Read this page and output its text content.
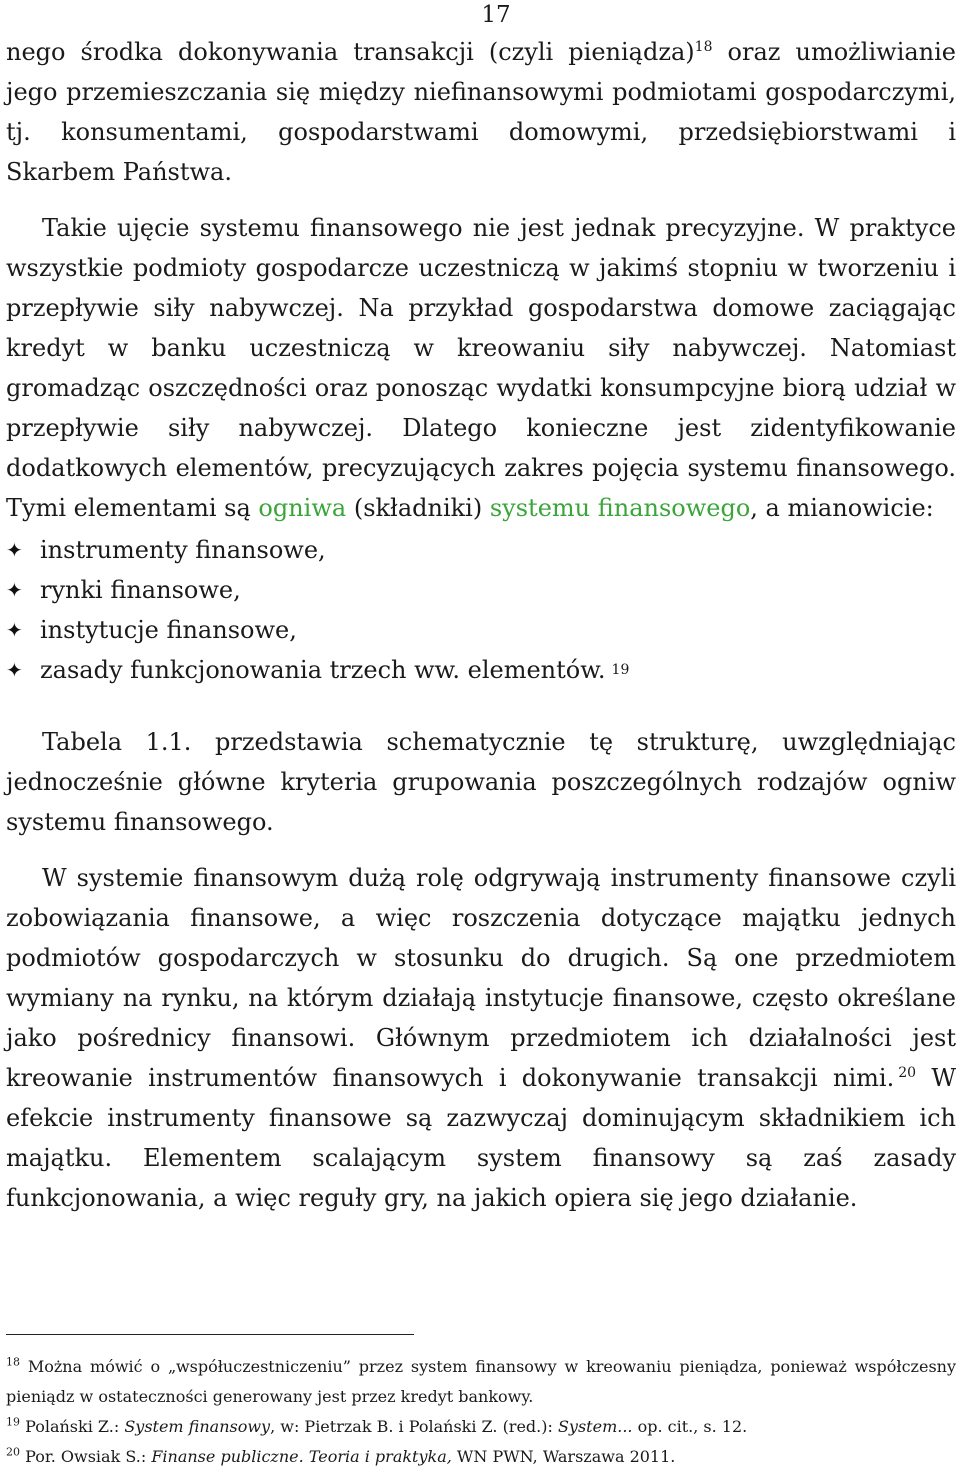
17

nego środka dokonywania transakcji (czyli pieniądza)$^{18}$ oraz umożliwianie jego przemieszczania się między niefinansowymi podmiotami gospodarczymi, tj. konsumentami, gospodarstwami domowymi, przedsiębiorstwami i Skarbem Państwa.

Takie ujęcie systemu finansowego nie jest jednak precyzyjne. W praktyce wszystkie podmioty gospodarcze uczestniczą w jakimś stopniu w tworzeniu i przepływie siły nabywczej. Na przykład gospodarstwa domowe zaciągając kredyt w banku uczestniczą w kreowaniu siły nabywczej. Natomiast gromadząc oszczędności oraz ponosząc wydatki konsumpcyjne biorą udział w przepływie siły nabywczej. Dlatego konieczne jest zidentyfikowanie dodatkowych elementów, precyzujących zakres pojęcia systemu finansowego. Tymi elementami są ogniwa (składniki) systemu finansowego, a mianowicie:

✦ instrumenty finansowe,
✦ rynki finansowe,
✦ instytucje finansowe,
✦ zasady funkcjonowania trzech ww. elementów. 19

Tabela 1.1. przedstawia schematycznie tę strukturę, uwzględniając jednocześnie główne kryteria grupowania poszczególnych rodzajów ogniw systemu finansowego.

W systemie finansowym dużą rolę odgrywają instrumenty finansowe czyli zobowiązania finansowe, a więc roszczenia dotyczące majątku jednych podmiotów gospodarczych w stosunku do drugich. Są one przedmiotem wymiany na rynku, na którym działają instytucje finansowe, często określane jako pośrednicy finansowi. Głównym przedmiotem ich działalności jest kreowanie instrumentów finansowych i dokonywanie transakcji nimi. $^{20}$ W efekcie instrumenty finansowe są zazwyczaj dominującym składnikiem ich majątku. Elementem scalającym system finansowy są zaś zasady funkcjonowania, a więc reguły gry, na jakich opiera się jego działanie.

$^{18}$ Można mówić o „współuczestniczeniu” przez system finansowy w kreowaniu pieniądza, ponieważ współczesny pieniądz w ostateczności generowany jest przez kredyt bankowy.

$^{19}$ Polański Z.: System finansowy, w: Pietrzak B. i Polański Z. (red.): System... op. cit., s. 12.

$^{20}$ Por. Owsiak S.: Finanse publiczne. Teoria i praktyka, WN PWN, Warszawa 2011.
